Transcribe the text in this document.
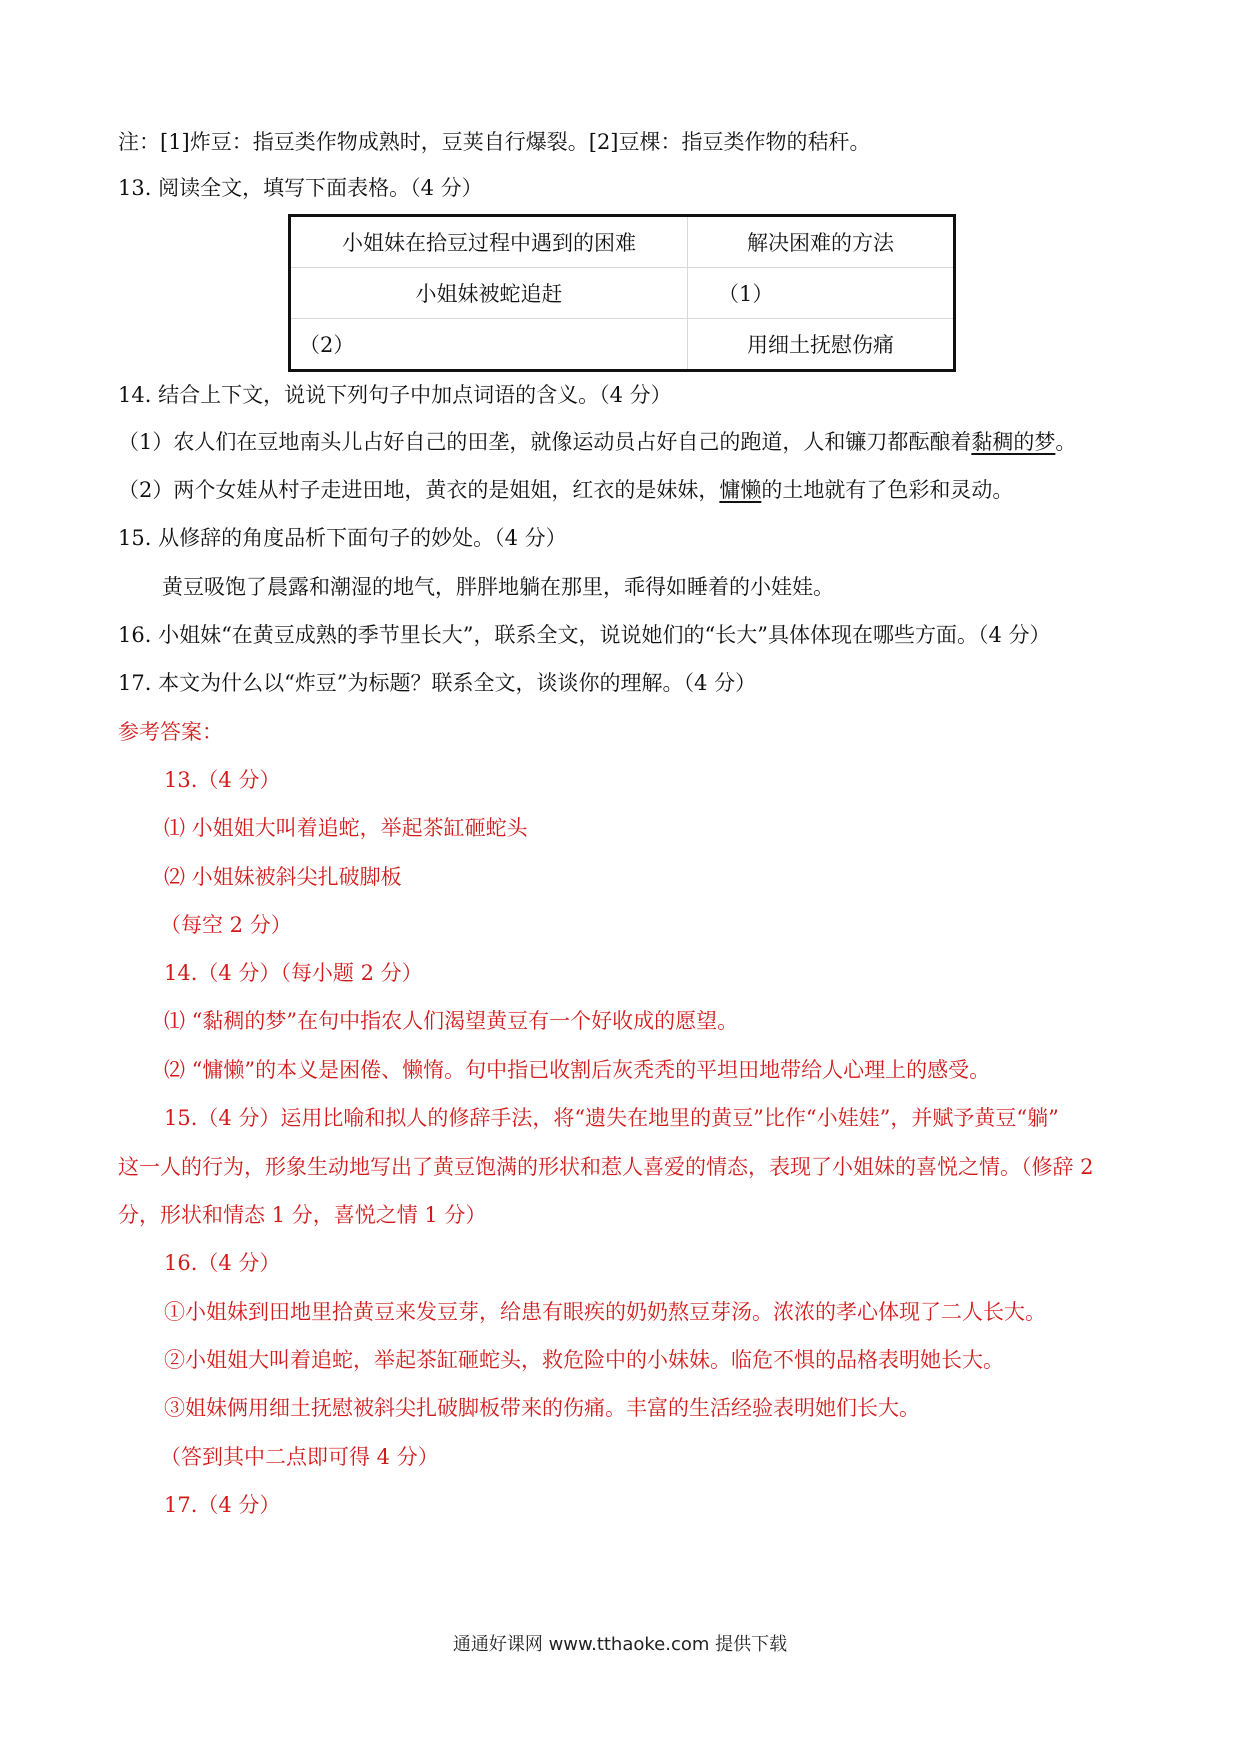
注：[1]炸豆：指豆类作物成熟时，豆荚自行爆裂。[2]豆棵：指豆类作物的秸秆。
13. 阅读全文，填写下面表格。（4 分）
小姐妹在拾豆过程中遇到的困难	解决困难的方法
小姐妹被蛇追赶	（1）
（2）	用细土抚慰伤痛
14. 结合上下文，说说下列句子中加点词语的含义。（4 分）
（1）农人们在豆地南头儿占好自己的田垄，就像运动员占好自己的跑道，人和镰刀都酝酿着黏稠的梦。
（2）两个女娃从村子走进田地，黄衣的是姐姐，红衣的是妹妹，慵懒的土地就有了色彩和灵动。
15. 从修辞的角度品析下面句子的妙处。（4 分）
黄豆吸饱了晨露和潮湿的地气，胖胖地躺在那里，乖得如睡着的小娃娃。
16. 小姐妹“在黄豆成熟的季节里长大”，联系全文，说说她们的“长大”具体体现在哪些方面。（4 分）
17. 本文为什么以“炸豆”为标题？联系全文，谈谈你的理解。（4 分）
参考答案：
13.（4 分）
⑴ 小姐姐大叫着追蛇，举起茶缸砸蛇头
⑵ 小姐妹被斜尖扎破脚板
（每空 2 分）
14.（4 分）（每小题 2 分）
⑴ “黏稠的梦”在句中指农人们渴望黄豆有一个好收成的愿望。
⑵ “慵懒”的本义是困倦、懒惰。句中指已收割后灰秃秃的平坦田地带给人心理上的感受。
15.（4 分）运用比喻和拟人的修辞手法，将“遗失在地里的黄豆”比作“小娃娃”，并赋予黄豆“躺”
这一人的行为，形象生动地写出了黄豆饱满的形状和惹人喜爱的情态，表现了小姐妹的喜悦之情。（修辞 2
分，形状和情态 1 分，喜悦之情 1 分）
16.（4 分）
①小姐妹到田地里拾黄豆来发豆芽，给患有眼疾的奶奶熬豆芽汤。浓浓的孝心体现了二人长大。
②小姐姐大叫着追蛇，举起茶缸砸蛇头，救危险中的小妹妹。临危不惧的品格表明她长大。
③姐妹俩用细土抚慰被斜尖扎破脚板带来的伤痛。丰富的生活经验表明她们长大。
（答到其中二点即可得 4 分）
17.（4 分）
通通好课网 www.tthaoke.com 提供下载
